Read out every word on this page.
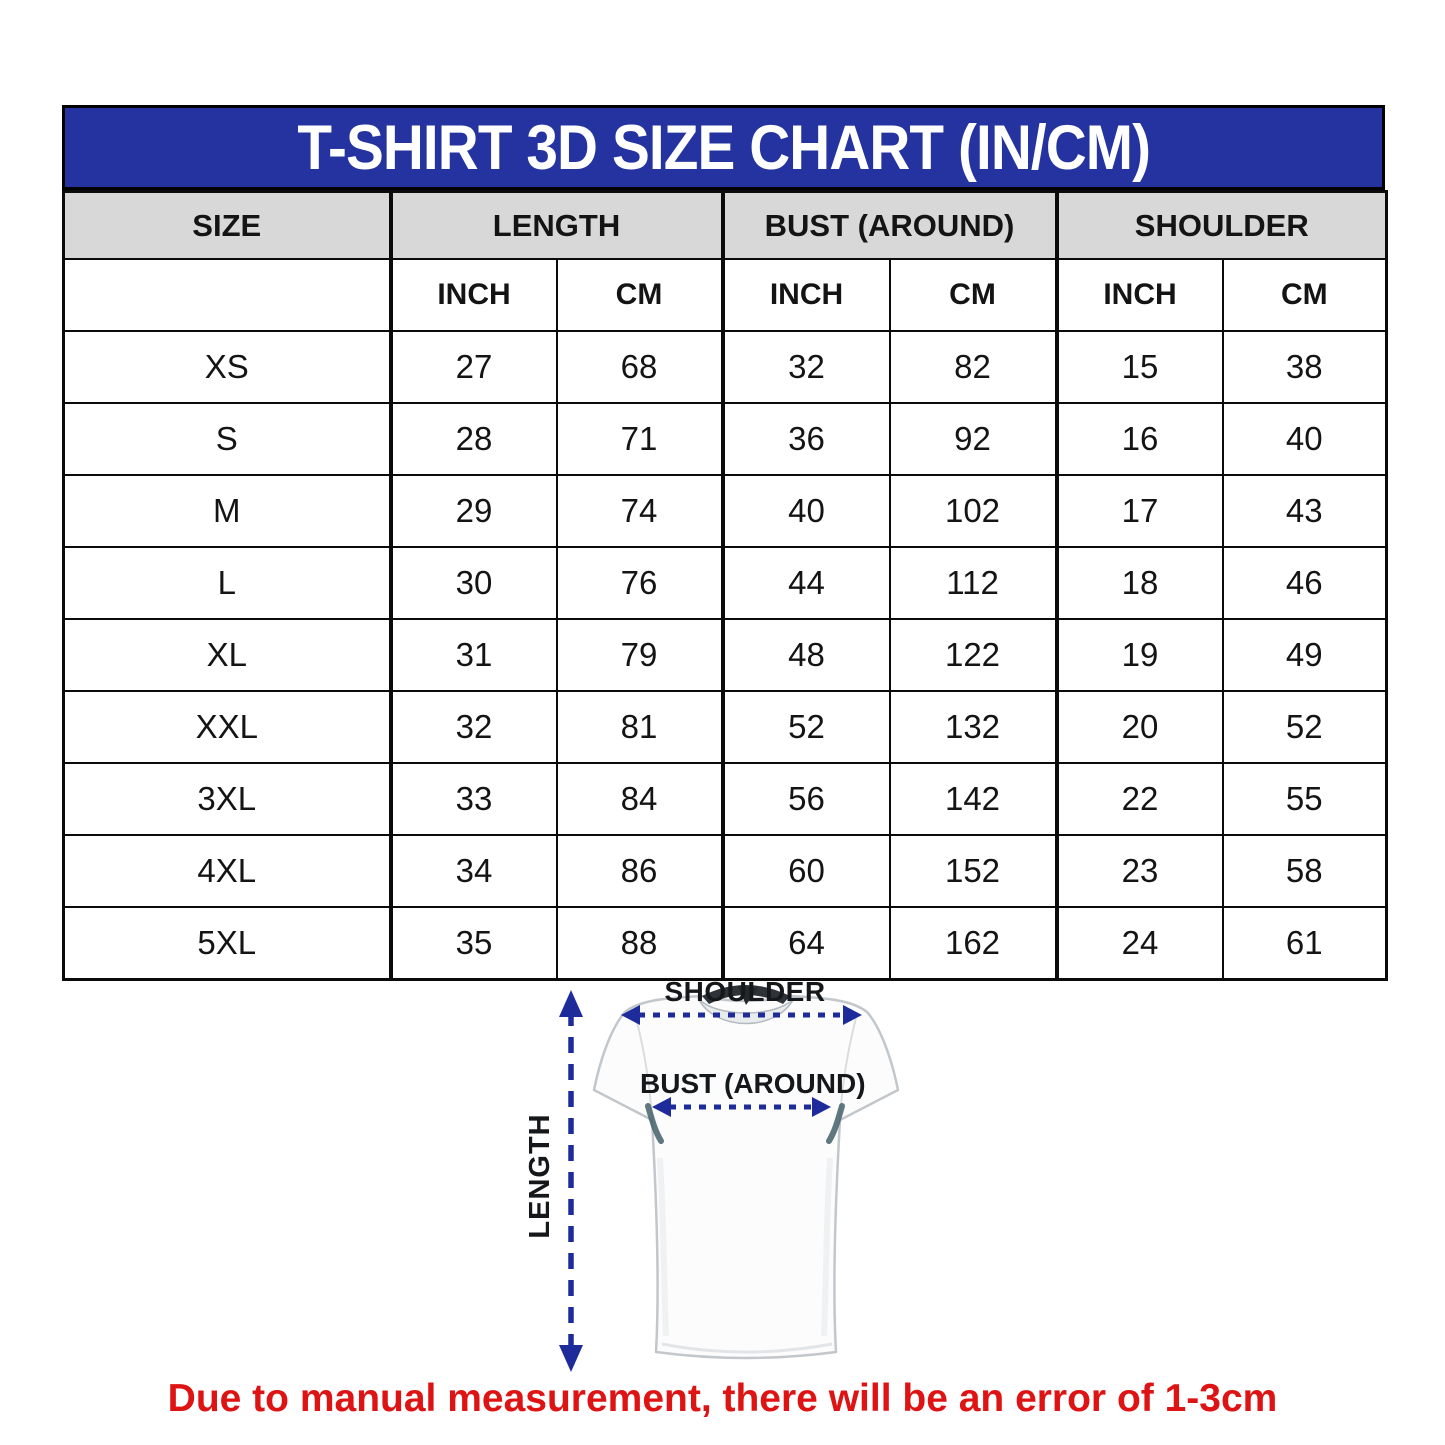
T-SHIRT 3D SIZE CHART (IN/CM)
SIZE	LENGTH		BUST (AROUND)		SHOULDER	
	INCH	CM	INCH	CM	INCH	CM
XS	27	68	32	82	15	38
S	28	71	36	92	16	40
M	29	74	40	102	17	43
L	30	76	44	112	18	46
XL	31	79	48	122	19	49
XXL	32	81	52	132	20	52
3XL	33	84	56	142	22	55
4XL	34	86	60	152	23	58
5XL	35	88	64	162	24	61
SHOULDER
BUST (AROUND)
LENGTH
Due to manual measurement, there will be an error of 1-3cm
